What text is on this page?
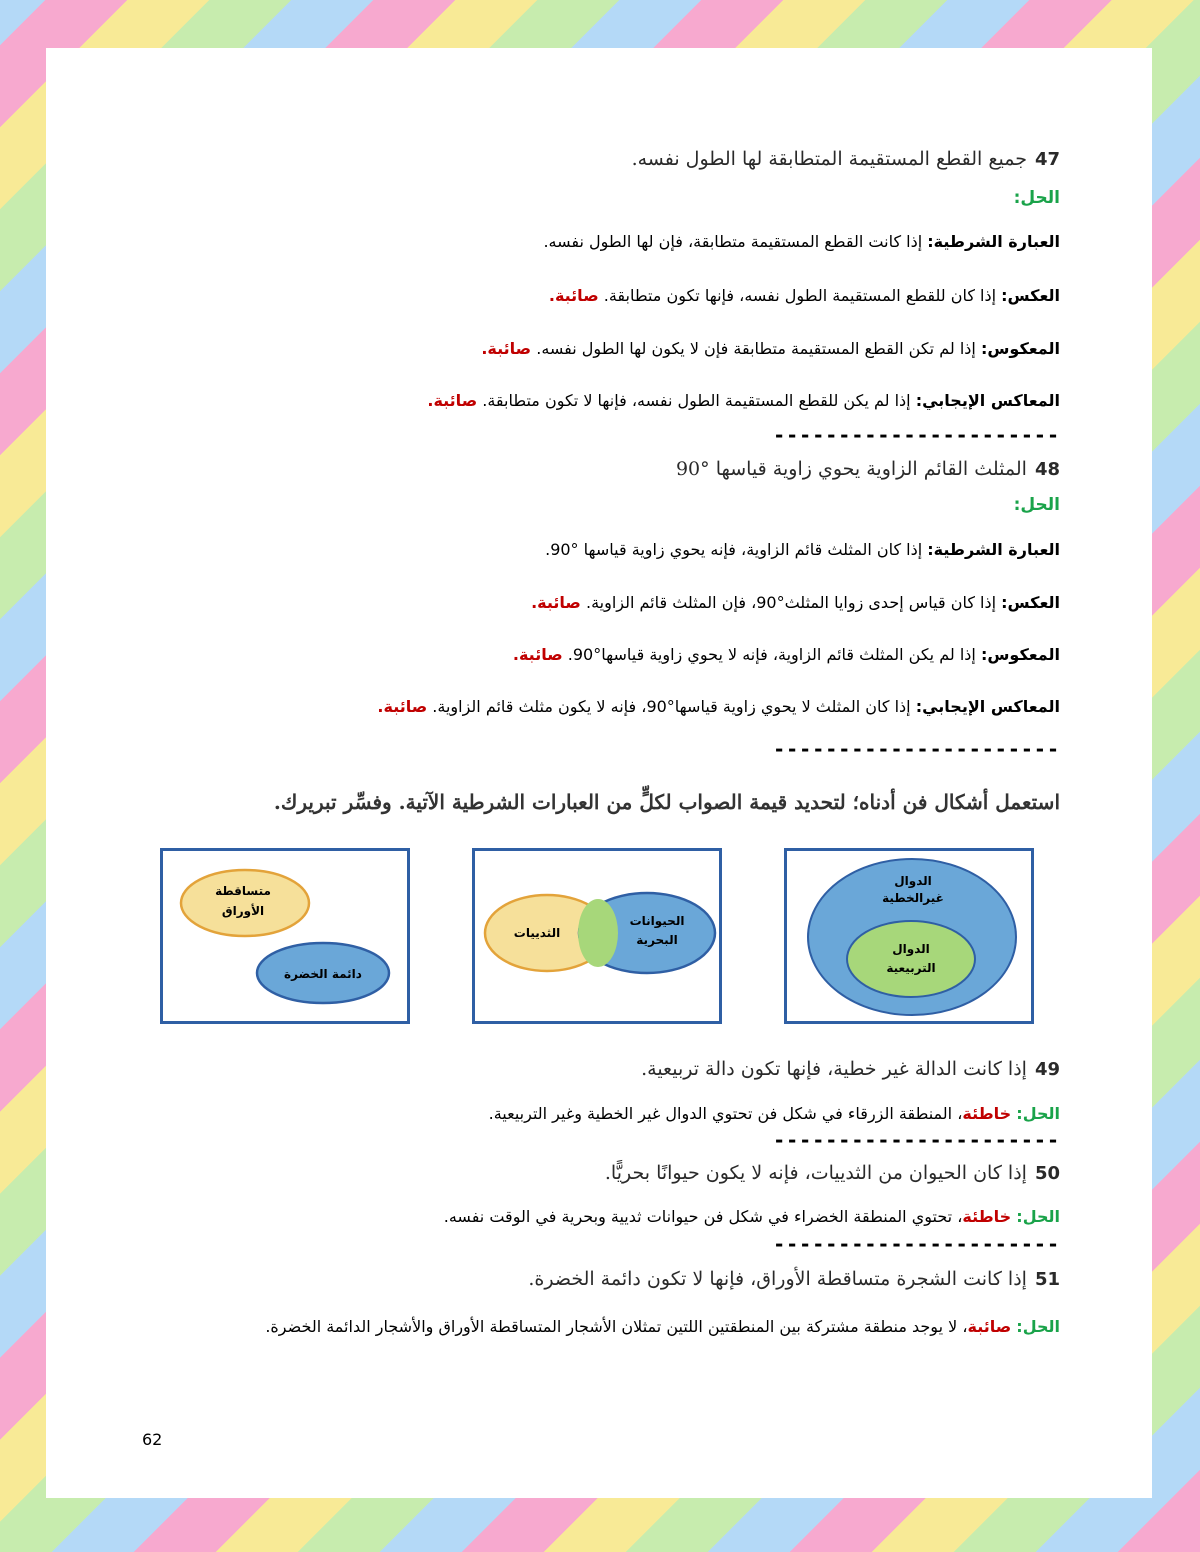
47جميع القطع المستقيمة المتطابقة لها الطول نفسه.
الحل:
العبارة الشرطية: إذا كانت القطع المستقيمة متطابقة، فإن لها الطول نفسه.
العكس: إذا كان للقطع المستقيمة الطول نفسه، فإنها تكون متطابقة. صائبة.
المعكوس: إذا لم تكن القطع المستقيمة متطابقة فإن لا يكون لها الطول نفسه. صائبة.
المعاكس الإيجابي: إذا لم يكن للقطع المستقيمة الطول نفسه، فإنها لا تكون متطابقة. صائبة.
----------------------
48المثلث القائم الزاوية يحوي زاوية قياسها °90
الحل:
العبارة الشرطية: إذا كان المثلث قائم الزاوية، فإنه يحوي زاوية قياسها °90.
العكس: إذا كان قياس إحدى زوايا المثلث°90، فإن المثلث قائم الزاوية. صائبة.
المعكوس: إذا لم يكن المثلث قائم الزاوية، فإنه لا يحوي زاوية قياسها°90. صائبة.
المعاكس الإيجابي: إذا كان المثلث لا يحوي زاوية قياسها°90، فإنه لا يكون مثلث قائم الزاوية. صائبة.
----------------------
استعمل أشكال فن أدناه؛ لتحديد قيمة الصواب لكلٍّ من العبارات الشرطية الآتية. وفسِّر تبريرك.
الدوال
غيرالخطية
الدوال
التربيعية
الثدييات
الحيوانات
البحرية
متساقطة
الأوراق
دائمة الخضرة
49إذا كانت الدالة غير خطية، فإنها تكون دالة تربيعية.
الحل: خاطئة، المنطقة الزرقاء في شكل فن تحتوي الدوال غير الخطية وغير التربيعية.
----------------------
50إذا كان الحيوان من الثدييات، فإنه لا يكون حيوانًا بحريًّا.
الحل: خاطئة، تحتوي المنطقة الخضراء في شكل فن حيوانات ثديية وبحرية في الوقت نفسه.
----------------------
51إذا كانت الشجرة متساقطة الأوراق، فإنها لا تكون دائمة الخضرة.
الحل: صائبة، لا يوجد منطقة مشتركة بين المنطقتين اللتين تمثلان الأشجار المتساقطة الأوراق والأشجار الدائمة الخضرة.
62
